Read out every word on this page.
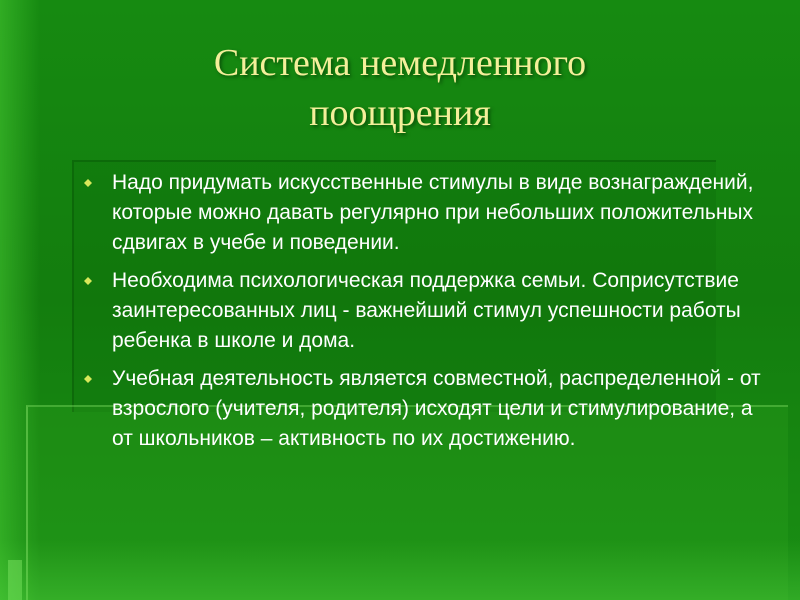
Система немедленного
поощрения
Надо придумать искусственные стимулы в виде вознаграждений, которые можно давать регулярно при небольших положительных сдвигах в учебе и поведении.
Необходима психологическая поддержка семьи. Соприсутствие заинтересованных лиц - важнейший стимул успешности работы ребенка в школе и дома.
Учебная деятельность является совместной, распределенной - от взрослого (учителя, родителя) исходят цели и стимулирование, а от школьников – активность по их достижению.
